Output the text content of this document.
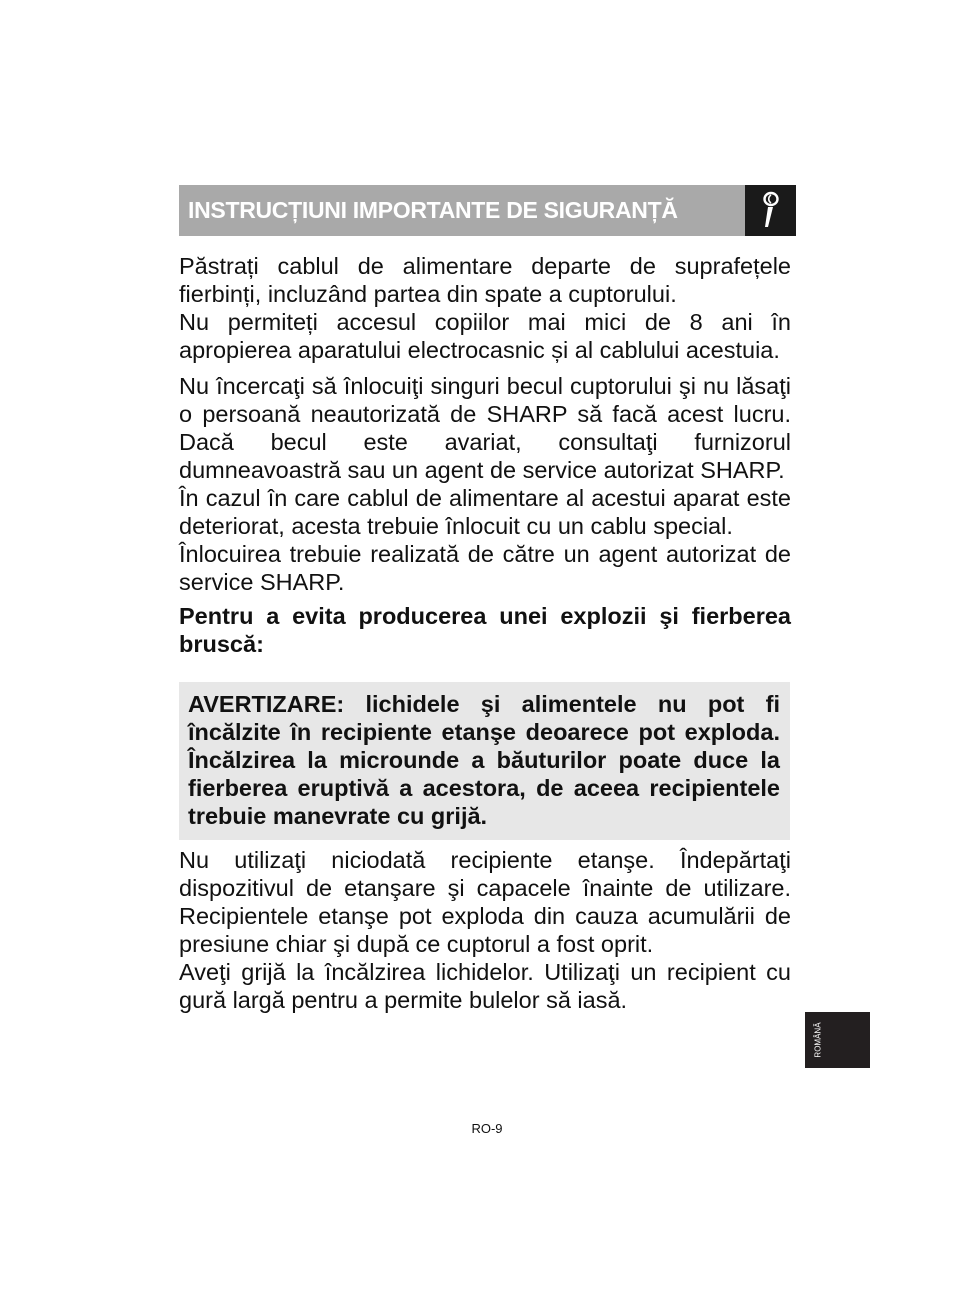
INSTRUCȚIUNI IMPORTANTE DE SIGURANȚĂ

Păstrați cablul de alimentare departe de suprafețele fierbinți, incluzând partea din spate a cuptorului.

Nu permiteți accesul copiilor mai mici de 8 ani în apropierea aparatului electrocasnic și al cablului acestuia.

Nu încercaţi să înlocuiţi singuri becul cuptorului şi nu lăsaţi o persoană neautorizată de SHARP să facă acest lucru. Dacă becul este avariat, consultaţi furnizorul dumneavoastră sau un agent de service autorizat SHARP.

În cazul în care cablul de alimentare al acestui aparat este deteriorat, acesta trebuie înlocuit cu un cablu special.

Înlocuirea trebuie realizată de către un agent autorizat de service SHARP.

Pentru a evita producerea unei explozii şi fierberea bruscă:

AVERTIZARE: lichidele şi alimentele nu pot fi încălzite în recipiente etanşe deoarece pot exploda. Încălzirea la microunde a băuturilor poate duce la fierberea eruptivă a acestora, de aceea recipientele trebuie manevrate cu grijă.

Nu utilizaţi niciodată recipiente etanşe. Îndepărtaţi dispozitivul de etanşare şi capacele înainte de utilizare. Recipientele etanşe pot exploda din cauza acumulării de presiune chiar şi după ce cuptorul a fost oprit.

Aveţi grijă la încălzirea lichidelor. Utilizaţi un recipient cu gură largă pentru a permite bulelor să iasă.

ROMÂNĂ
RO-9
